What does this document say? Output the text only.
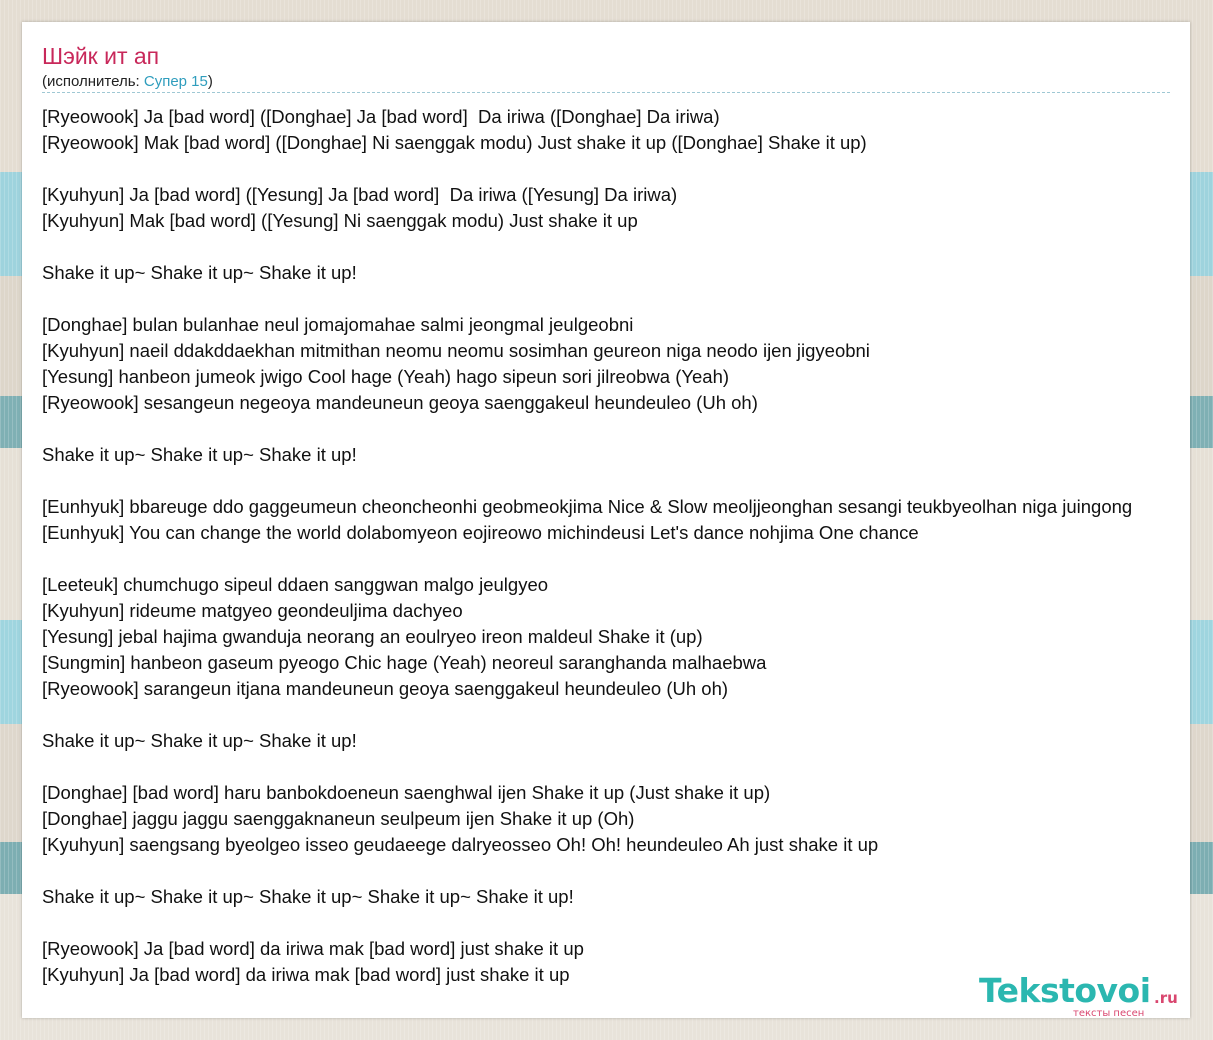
Шэйк ит ап
(исполнитель: Супер 15)
[Ryeowook] Ja [bad word] ([Donghae] Ja [bad word]  Da iriwa ([Donghae] Da iriwa)
[Ryeowook] Mak [bad word] ([Donghae] Ni saenggak modu) Just shake it up ([Donghae] Shake it up)
[Kyuhyun] Ja [bad word] ([Yesung] Ja [bad word]  Da iriwa ([Yesung] Da iriwa)
[Kyuhyun] Mak [bad word] ([Yesung] Ni saenggak modu) Just shake it up
Shake it up~ Shake it up~ Shake it up!
[Donghae] bulan bulanhae neul jomajomahae salmi jeongmal jeulgeobni
[Kyuhyun] naeil ddakddaekhan mitmithan neomu neomu sosimhan geureon niga neodo ijen jigyeobni
[Yesung] hanbeon jumeok jwigo Cool hage (Yeah) hago sipeun sori jilreobwa (Yeah)
[Ryeowook] sesangeun negeoya mandeuneun geoya saenggakeul heundeuleo (Uh oh)
Shake it up~ Shake it up~ Shake it up!
[Eunhyuk] bbareuge ddo gaggeumeun cheoncheonhi geobmeokjima Nice & Slow meoljjeonghan sesangi teukbyeolhan niga juingong
[Eunhyuk] You can change the world dolabomyeon eojireowo michindeusi Let's dance nohjima One chance
[Leeteuk] chumchugo sipeul ddaen sanggwan malgo jeulgyeo
[Kyuhyun] rideume matgyeo geondeuljima dachyeo
[Yesung] jebal hajima gwanduja neorang an eoulryeo ireon maldeul Shake it (up)
[Sungmin] hanbeon gaseum pyeogo Chic hage (Yeah) neoreul saranghanda malhaebwa
[Ryeowook] sarangeun itjana mandeuneun geoya saenggakeul heundeuleo (Uh oh)
Shake it up~ Shake it up~ Shake it up!
[Donghae] [bad word] haru banbokdoeneun saenghwal ijen Shake it up (Just shake it up)
[Donghae] jaggu jaggu saenggaknaneun seulpeum ijen Shake it up (Oh)
[Kyuhyun] saengsang byeolgeo isseo geudaeege dalryeosseo Oh! Oh! heundeuleo Ah just shake it up
Shake it up~ Shake it up~ Shake it up~ Shake it up~ Shake it up!
[Ryeowook] Ja [bad word] da iriwa mak [bad word] just shake it up
[Kyuhyun] Ja [bad word] da iriwa mak [bad word] just shake it up	Tekstovoi .ru
тексты песен
